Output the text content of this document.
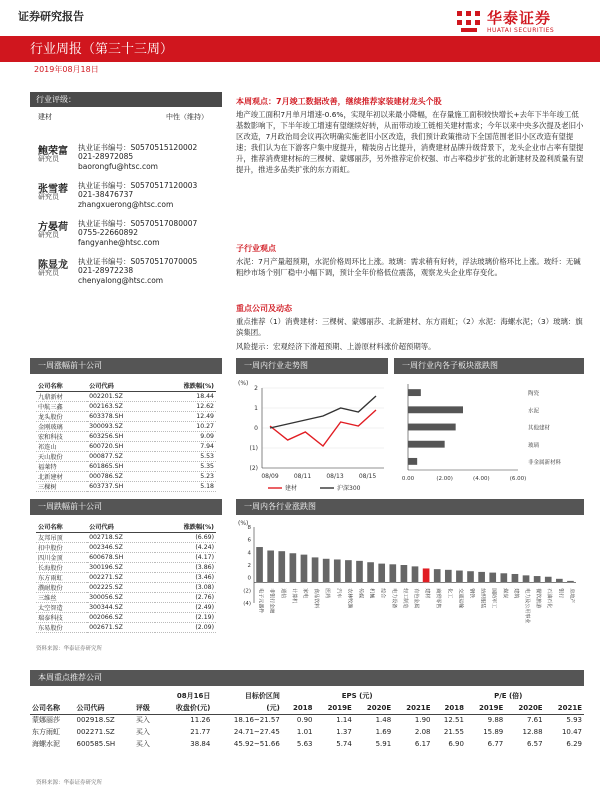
证券研究报告	华泰证券
HUATAI SECURITIES
行业周报（第三十三周）
2019年08月18日
行业评级：
建材	中性（维持）
鲍荣富
研究员
执业证书编号：S0570515120002
021-28972085
baorongfu@htsc.com
张雪蓉
研究员
执业证书编号：S0570517120003
021-38476737
zhangxuerong@htsc.com
方晏荷
研究员
执业证书编号：S0570517080007
0755-22660892
fangyanhe@htsc.com
陈显龙
研究员
执业证书编号：S0570517070005
021-28972238
chenyalong@htsc.com
本周观点：7月竣工数据改善，继续推荐家装建材龙头个股
地产竣工面积7月单月增速-0.6%，实现年初以来最小降幅，在存量施工面积较快增长+去年下半年竣工低基数影响下，下半年竣工增速有望继续好转，从而带动竣工链相关建材需求；今年以来中央多次提及老旧小区改造，7月政治局会议再次明确实施老旧小区改造，我们预计政策推动下全国范围老旧小区改造有望提速；我们认为在下游客户集中度提升，精装房占比提升，消费建材品牌升级背景下，龙头企业市占率有望提升，推荐消费建材标的三棵树、蒙娜丽莎，另外推荐定价权强、市占率稳步扩张的北新建材及盈利质量有望提升，推进多品类扩张的东方雨虹。
子行业观点
水泥：7月产量超预期，水泥价格周环比上涨。玻璃：需求稍有好转，浮法玻璃价格环比上涨。玻纤：无碱粗纱市场个别厂稳中小幅下调，预计全年价格低位震荡，观察龙头企业库存变化。
重点公司及动态
重点推荐（1）消费建材：三棵树、蒙娜丽莎、北新建材、东方雨虹；（2）水泥：海螺水泥；（3）玻璃：旗滨集团。
风险提示：宏观经济下滑超预期、上游原材料涨价超预期等。
一周涨幅前十公司
公司名称	公司代码	涨跌幅(%)
九鼎新材	002201.SZ	18.44
中航三鑫	002163.SZ	12.62
龙头股份	603378.SH	12.49
金刚玻璃	300093.SZ	10.27
宏和科技	603256.SH	9.09
祁连山	600720.SH	7.94
天山股份	000877.SZ	5.53
福莱特	601865.SH	5.35
北新建材	000786.SZ	5.23
三棵树	603737.SH	5.18
一周跌幅前十公司
公司名称	公司代码	涨跌幅(%)
友邦吊顶	002718.SZ	(6.69)
扣中股份	002346.SZ	(4.24)
四川金顶	600678.SH	(4.17)
长海股份	300196.SZ	(3.86)
东方雨虹	002271.SZ	(3.46)
濮耐股份	002225.SZ	(3.08)
三维丝	300056.SZ	(2.76)
太空智造	300344.SZ	(2.49)
瑞泰科技	002066.SZ	(2.19)
东易股份	002671.SZ	(2.09)
资料来源：华泰证券研究所
一周内行业走势图
(%)
2
1
0
(1)
(2)
08/09	08/11	08/13	08/15
建材	沪深300
一周行业内各子板块涨跌图
0.00	(2.00)	(4.00)	(6.00)
陶瓷
水泥
其他建材
玻璃
非金属新材料
一周内各行业涨跌图
(%)
8
6
4
2
0
(2)
(4) 电子元器件 非银行金融 通信 计算机 家电 食品饮料 医药 汽车 农林牧渔 传媒 机械 综合 电力设备 轻工制造 有色金属 建材 商贸零售 化工 交通运输 钢铁 纺织服装 国防军工 煤炭 建筑 电力及公用事业 餐饮旅游 石油石化 银行 房地产
本周重点推荐公司
			08月16日	目标价区间	EPS (元)				P/E (倍)			
公司名称	公司代码	评级	收盘价(元)	(元)	2018	2019E	2020E	2021E	2018	2019E	2020E	2021E
蒙娜丽莎	002918.SZ	买入	11.26	18.16~21.57	0.90	1.14	1.48	1.90	12.51	9.88	7.61	5.93
东方雨虹	002271.SZ	买入	21.77	24.71~27.45	1.01	1.37	1.69	2.08	21.55	15.89	12.88	10.47
海螺水泥	600585.SH	买入	38.84	45.92~51.66	5.63	5.74	5.91	6.17	6.90	6.77	6.57	6.29
资料来源：华泰证券研究所
